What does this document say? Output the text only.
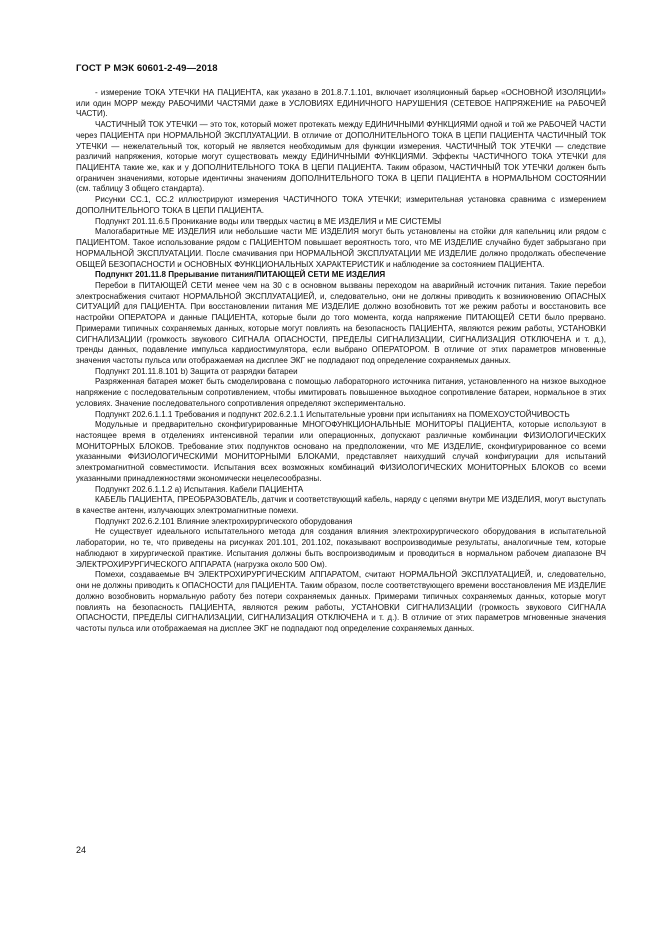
ГОСТ Р МЭК 60601-2-49—2018

- измерение ТОКА УТЕЧКИ НА ПАЦИЕНТА, как указано в 201.8.7.1.101, включает изоляционный барьер «ОСНОВНОЙ ИЗОЛЯЦИИ» или один МОРР между РАБОЧИМИ ЧАСТЯМИ даже в УСЛОВИЯХ ЕДИНИЧНОГО НАРУШЕНИЯ (СЕТЕВОЕ НАПРЯЖЕНИЕ на РАБОЧЕЙ ЧАСТИ).

ЧАСТИЧНЫЙ ТОК УТЕЧКИ — это ток, который может протекать между ЕДИНИЧНЫМИ ФУНКЦИЯМИ одной и той же РАБОЧЕЙ ЧАСТИ через ПАЦИЕНТА при НОРМАЛЬНОЙ ЭКСПЛУАТАЦИИ. В отличие от ДОПОЛНИТЕЛЬНОГО ТОКА В ЦЕПИ ПАЦИЕНТА ЧАСТИЧНЫЙ ТОК УТЕЧКИ — нежелательный ток, который не является необходимым для функции измерения. ЧАСТИЧНЫЙ ТОК УТЕЧКИ — следствие различий напряжения, которые могут существовать между ЕДИНИЧНЫМИ ФУНКЦИЯМИ. Эффекты ЧАСТИЧНОГО ТОКА УТЕЧКИ для ПАЦИЕНТА такие же, как и у ДОПОЛНИТЕЛЬНОГО ТОКА В ЦЕПИ ПАЦИЕНТА. Таким образом, ЧАСТИЧНЫЙ ТОК УТЕЧКИ должен быть ограничен значениями, которые идентичны значениям ДОПОЛНИТЕЛЬНОГО ТОКА В ЦЕПИ ПАЦИЕНТА в НОРМАЛЬНОМ СОСТОЯНИИ (см. таблицу 3 общего стандарта).

Рисунки CC.1, CC.2 иллюстрируют измерения ЧАСТИЧНОГО ТОКА УТЕЧКИ; измерительная установка сравнима с измерением ДОПОЛНИТЕЛЬНОГО ТОКА В ЦЕПИ ПАЦИЕНТА.

Подпункт 201.11.6.5 Проникание воды или твердых частиц в МЕ ИЗДЕЛИЯ и МЕ СИСТЕМЫ

Малогабаритные МЕ ИЗДЕЛИЯ или небольшие части МЕ ИЗДЕЛИЯ могут быть установлены на стойки для капельниц или рядом с ПАЦИЕНТОМ. Такое использование рядом с ПАЦИЕНТОМ повышает вероятность того, что МЕ ИЗДЕЛИЕ случайно будет забрызгано при НОРМАЛЬНОЙ ЭКСПЛУАТАЦИИ. После смачивания при НОРМАЛЬНОЙ ЭКСПЛУАТАЦИИ МЕ ИЗДЕЛИЕ должно продолжать обеспечение ОБЩЕЙ БЕЗОПАСНОСТИ и ОСНОВНЫХ ФУНКЦИОНАЛЬНЫХ ХАРАКТЕРИСТИК и наблюдение за состоянием ПАЦИЕНТА.

Подпункт 201.11.8 Прерывание питания/ПИТАЮЩЕЙ СЕТИ МЕ ИЗДЕЛИЯ

Перебои в ПИТАЮЩЕЙ СЕТИ менее чем на 30 с в основном вызваны переходом на аварийный источник питания. Такие перебои электроснабжения считают НОРМАЛЬНОЙ ЭКСПЛУАТАЦИЕЙ, и, следовательно, они не должны приводить к возникновению ОПАСНЫХ СИТУАЦИЙ для ПАЦИЕНТА. При восстановлении питания МЕ ИЗДЕЛИЕ должно возобновить тот же режим работы и восстановить все настройки ОПЕРАТОРА и данные ПАЦИЕНТА, которые были до того момента, когда напряжение ПИТАЮЩЕЙ СЕТИ было прервано. Примерами типичных сохраняемых данных, которые могут повлиять на безопасность ПАЦИЕНТА, являются режим работы, УСТАНОВКИ СИГНАЛИЗАЦИИ (громкость звукового СИГНАЛА ОПАСНОСТИ, ПРЕДЕЛЫ СИГНАЛИЗАЦИИ, СИГНАЛИЗАЦИЯ ОТКЛЮЧЕНА и т. д.), тренды данных, подавление импульса кардиостимулятора, если выбрано ОПЕРАТОРОМ. В отличие от этих параметров мгновенные значения частоты пульса или отображаемая на дисплее ЭКГ не подпадают под определение сохраняемых данных.

Подпункт 201.11.8.101 b) Защита от разрядки батареи

Разряженная батарея может быть смоделирована с помощью лабораторного источника питания, установленного на низкое выходное напряжение с последовательным сопротивлением, чтобы имитировать повышенное выходное сопротивление батареи, нормальное в этих условиях. Значение последовательного сопротивления определяют экспериментально.

Подпункт 202.6.1.1.1 Требования и подпункт 202.6.2.1.1 Испытательные уровни при испытаниях на ПОМЕХОУСТОЙЧИВОСТЬ

Модульные и предварительно сконфигурированные МНОГОФУНКЦИОНАЛЬНЫЕ МОНИТОРЫ ПАЦИЕНТА, которые используют в настоящее время в отделениях интенсивной терапии или операционных, допускают различные комбинации ФИЗИОЛОГИЧЕСКИХ МОНИТОРНЫХ БЛОКОВ. Требование этих подпунктов основано на предположении, что МЕ ИЗДЕЛИЕ, сконфигурированное со всеми указанными ФИЗИОЛОГИЧЕСКИМИ МОНИТОРНЫМИ БЛОКАМИ, представляет наихудший случай конфигурации для испытаний электромагнитной совместимости. Испытания всех возможных комбинаций ФИЗИОЛОГИЧЕСКИХ МОНИТОРНЫХ БЛОКОВ со всеми указанными принадлежностями экономически нецелесообразны.

Подпункт 202.6.1.1.2 a) Испытания. Кабели ПАЦИЕНТА

КАБЕЛЬ ПАЦИЕНТА, ПРЕОБРАЗОВАТЕЛЬ, датчик и соответствующий кабель, наряду с цепями внутри МЕ ИЗДЕЛИЯ, могут выступать в качестве антенн, излучающих электромагнитные помехи.

Подпункт 202.6.2.101 Влияние электрохирургического оборудования

Не существует идеального испытательного метода для создания влияния электрохирургического оборудования в испытательной лаборатории, но те, что приведены на рисунках 201.101, 201.102, показывают воспроизводимые результаты, аналогичные тем, которые наблюдают в хирургической практике. Испытания должны быть воспроизводимым и проводиться в нормальном рабочем диапазоне ВЧ ЭЛЕКТРОХИРУРГИЧЕСКОГО АППАРАТА (нагрузка около 500 Ом).

Помехи, создаваемые ВЧ ЭЛЕКТРОХИРУРГИЧЕСКИМ АППАРАТОМ, считают НОРМАЛЬНОЙ ЭКСПЛУАТАЦИЕЙ, и, следовательно, они не должны приводить к ОПАСНОСТИ для ПАЦИЕНТА. Таким образом, после соответствующего времени восстановления МЕ ИЗДЕЛИЕ должно возобновить нормальную работу без потери сохраняемых данных. Примерами типичных сохраняемых данных, которые могут повлиять на безопасность ПАЦИЕНТА, являются режим работы, УСТАНОВКИ СИГНАЛИЗАЦИИ (громкость звукового СИГНАЛА ОПАСНОСТИ, ПРЕДЕЛЫ СИГНАЛИЗАЦИИ, СИГНАЛИЗАЦИЯ ОТКЛЮЧЕНА и т. д.). В отличие от этих параметров мгновенные значения частоты пульса или отображаемая на дисплее ЭКГ не подпадают под определение сохраняемых данных.

24
